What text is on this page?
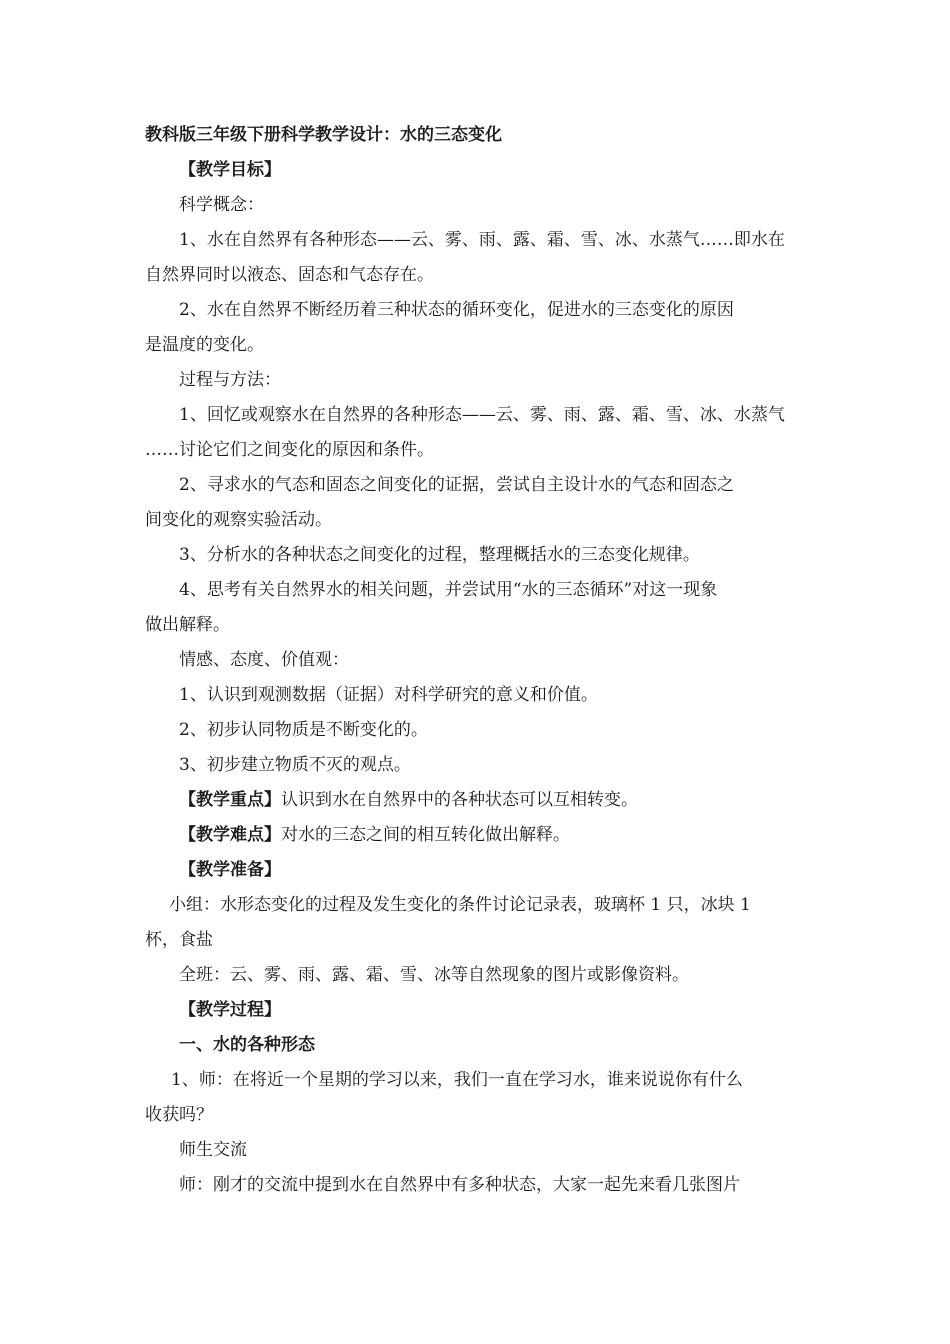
教科版三年级下册科学教学设计：水的三态变化
【教学目标】
科学概念：
1、水在自然界有各种形态——云、雾、雨、露、霜、雪、冰、水蒸气……即水在
自然界同时以液态、固态和气态存在。
2、水在自然界不断经历着三种状态的循环变化，促进水的三态变化的原因
是温度的变化。
过程与方法：
1、回忆或观察水在自然界的各种形态——云、雾、雨、露、霜、雪、冰、水蒸气
……讨论它们之间变化的原因和条件。
2、寻求水的气态和固态之间变化的证据，尝试自主设计水的气态和固态之
间变化的观察实验活动。
3、分析水的各种状态之间变化的过程，整理概括水的三态变化规律。
4、思考有关自然界水的相关问题，并尝试用“水的三态循环”对这一现象
做出解释。
情感、态度、价值观：
1、认识到观测数据（证据）对科学研究的意义和价值。
2、初步认同物质是不断变化的。
3、初步建立物质不灭的观点。
【教学重点】认识到水在自然界中的各种状态可以互相转变。
【教学难点】对水的三态之间的相互转化做出解释。
【教学准备】
小组：水形态变化的过程及发生变化的条件讨论记录表，玻璃杯 1 只，冰块 1
杯，食盐
全班：云、雾、雨、露、霜、雪、冰等自然现象的图片或影像资料。
【教学过程】
一、水的各种形态
1、师：在将近一个星期的学习以来，我们一直在学习水，谁来说说你有什么
收获吗？
师生交流
师：刚才的交流中提到水在自然界中有多种状态，大家一起先来看几张图片
